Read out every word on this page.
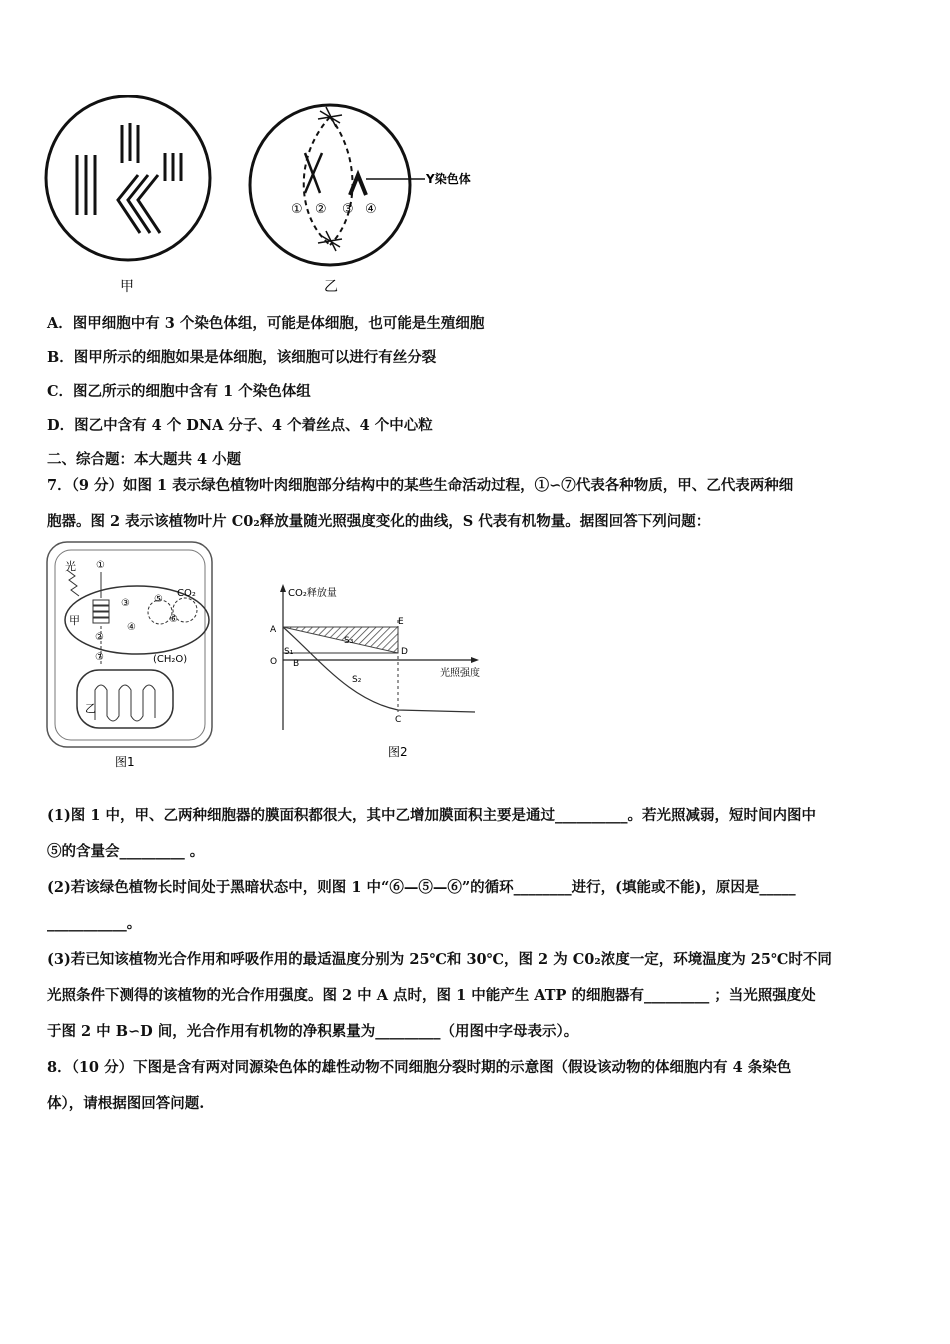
甲
Y染色体
① ② ③ ④
乙
A．图甲细胞中有 3 个染色体组，可能是体细胞，也可能是生殖细胞
B．图甲所示的细胞如果是体细胞，该细胞可以进行有丝分裂
C．图乙所示的细胞中含有 1 个染色体组
D．图乙中含有 4 个 DNA 分子、4 个着丝点、4 个中心粒
二、综合题：本大题共 4 小题
7．（9 分）如图 1 表示绿色植物叶肉细胞部分结构中的某些生命活动过程，①∽⑦代表各种物质，甲、乙代表两种细
胞器。图 2 表示该植物叶片 C0₂释放量随光照强度变化的曲线，S 代表有机物量。据图回答下列问题：
光
甲
①
②
③
④
⑤
⑥
⑦
CO₂
(CH₂O)
乙
图1
CO₂释放量
光照强度
A
O B
C
D
E
S₁
S₂
S₃
图2
(1)图 1 中，甲、乙两种细胞器的膜面积都很大，其中乙增加膜面积主要是通过__________。若光照减弱，短时间内图中
⑤的含量会_________ 。
(2)若该绿色植物长时间处于黑暗状态中，则图 1 中“⑥—⑤—⑥”的循环________进行，(填能或不能)，原因是_____
___________。
(3)若已知该植物光合作用和呼吸作用的最适温度分别为 25℃和 30℃，图 2 为 C0₂浓度一定，环境温度为 25℃时不同
光照条件下测得的该植物的光合作用强度。图 2 中 A 点时，图 1 中能产生 ATP 的细胞器有_________ ；当光照强度处
于图 2 中 B∽D 间，光合作用有机物的净积累量为_________（用图中字母表示）。
8．（10 分）下图是含有两对同源染色体的雄性动物不同细胞分裂时期的示意图（假设该动物的体细胞内有 4 条染色
体），请根据图回答问题.
